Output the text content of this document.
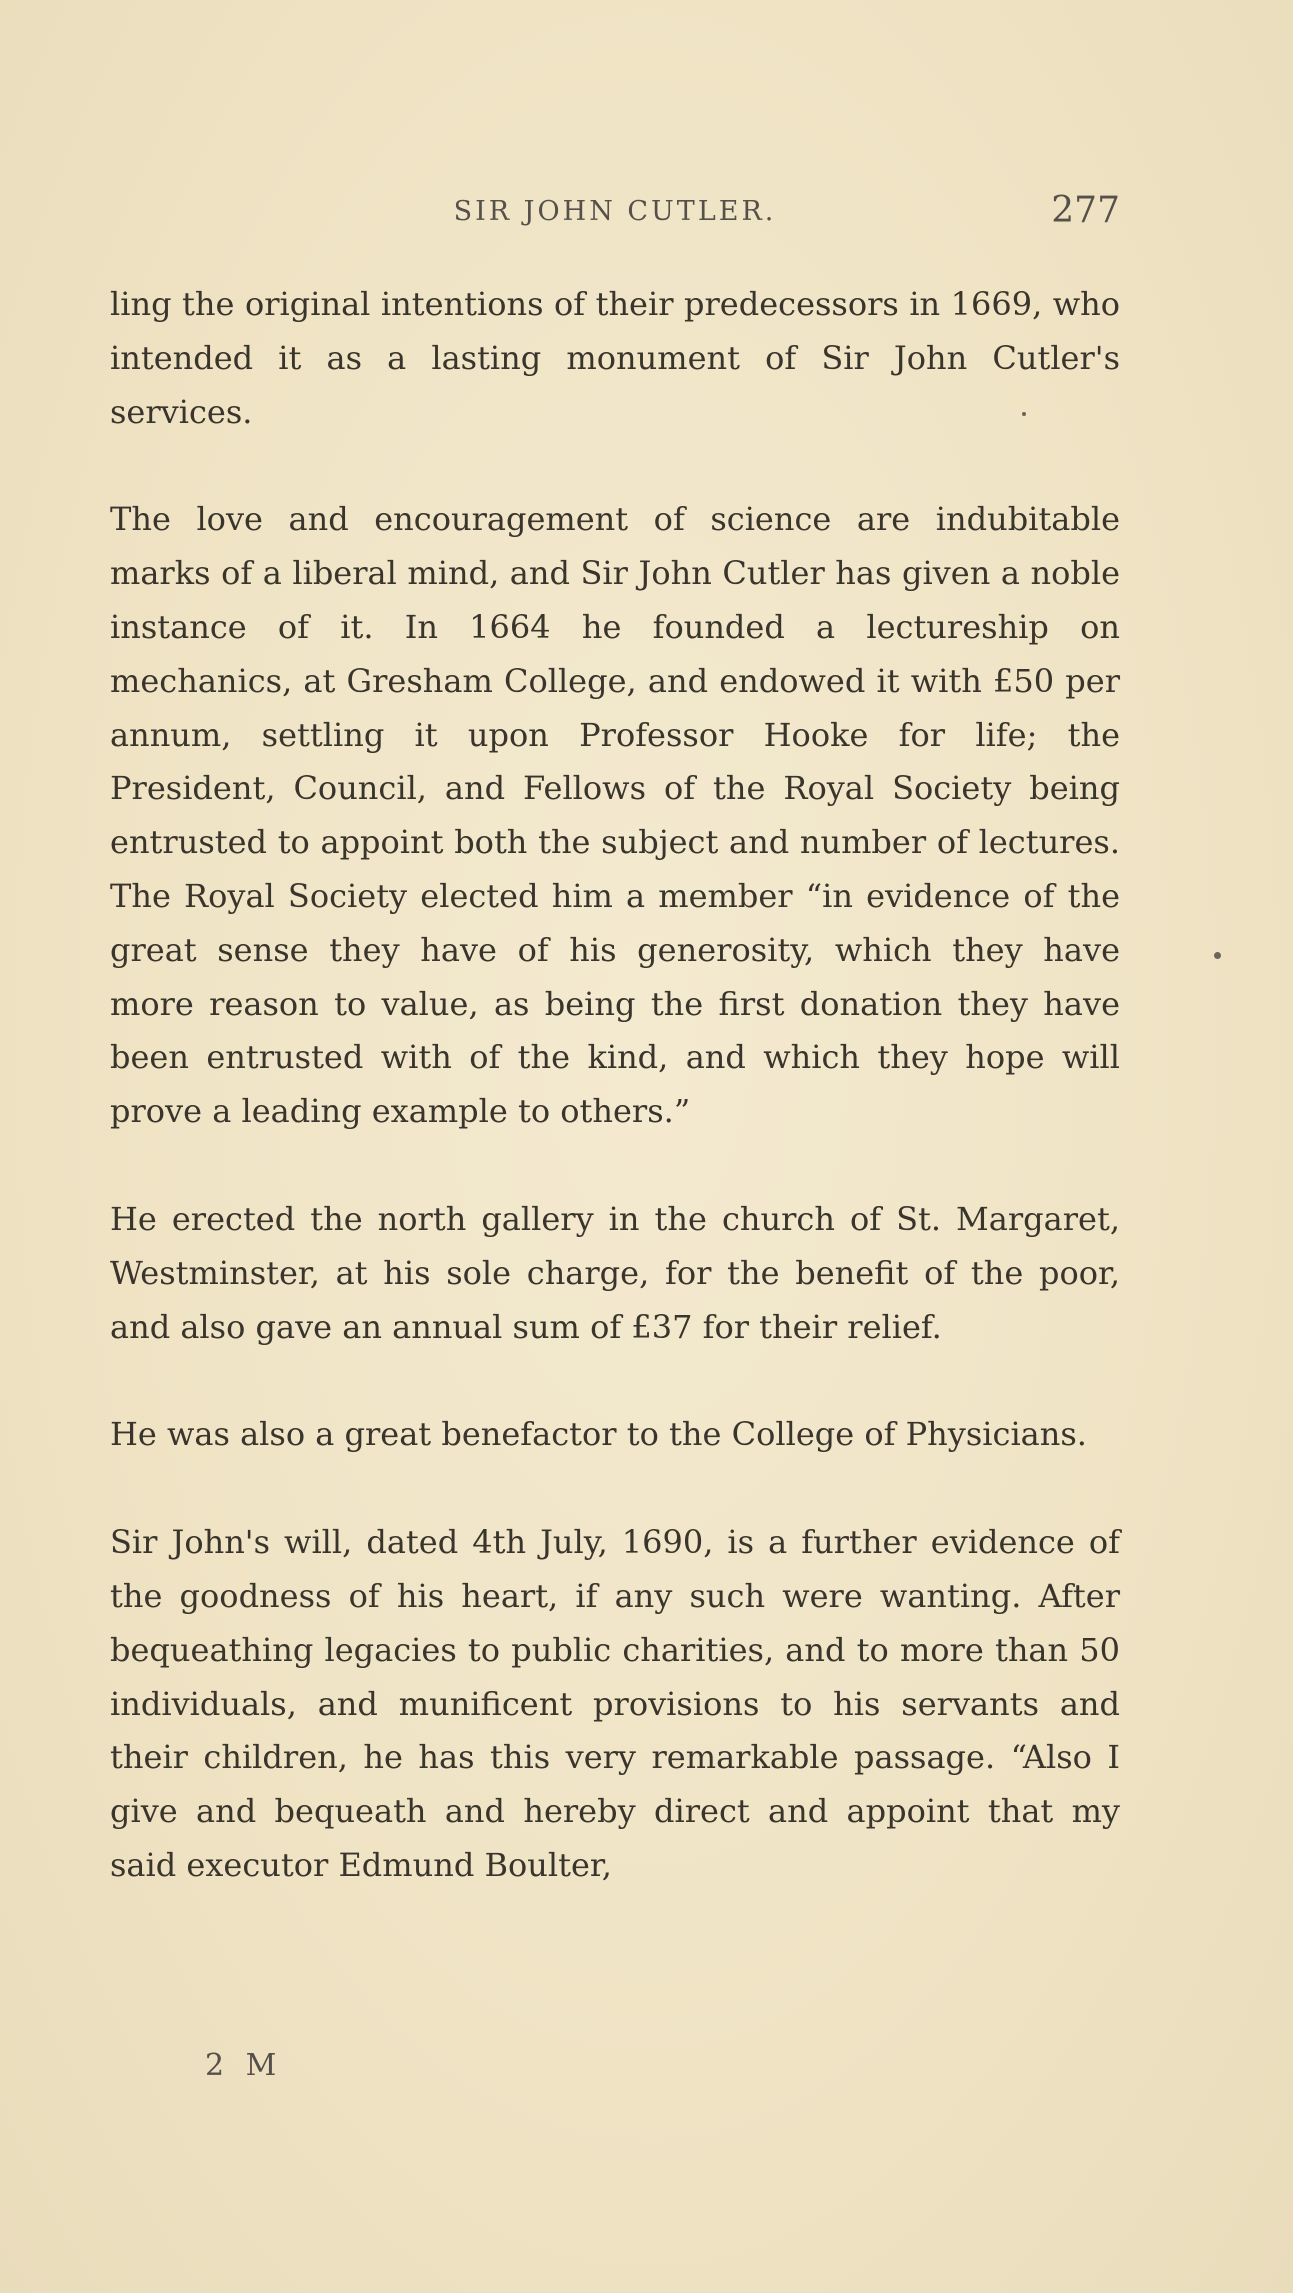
SIR JOHN CUTLER.	277

ling the original intentions of their predecessors in 1669, who intended it as a lasting monument of Sir John Cutler's services.

The love and encouragement of science are indubitable marks of a liberal mind, and Sir John Cutler has given a noble instance of it. In 1664 he founded a lectureship on mechanics, at Gresham College, and endowed it with £50 per annum, settling it upon Professor Hooke for life; the President, Council, and Fellows of the Royal Society being entrusted to appoint both the subject and number of lectures. The Royal Society elected him a member “in evidence of the great sense they have of his generosity, which they have more reason to value, as being the first donation they have been entrusted with of the kind, and which they hope will prove a leading example to others.”

He erected the north gallery in the church of St. Margaret, Westminster, at his sole charge, for the benefit of the poor, and also gave an annual sum of £37 for their relief.

He was also a great benefactor to the College of Physicians.

Sir John's will, dated 4th July, 1690, is a further evidence of the goodness of his heart, if any such were wanting. After bequeathing legacies to public charities, and to more than 50 individuals, and munificent provisions to his servants and their children, he has this very remarkable passage. “Also I give and bequeath and hereby direct and appoint that my said executor Edmund Boulter,

2 M
